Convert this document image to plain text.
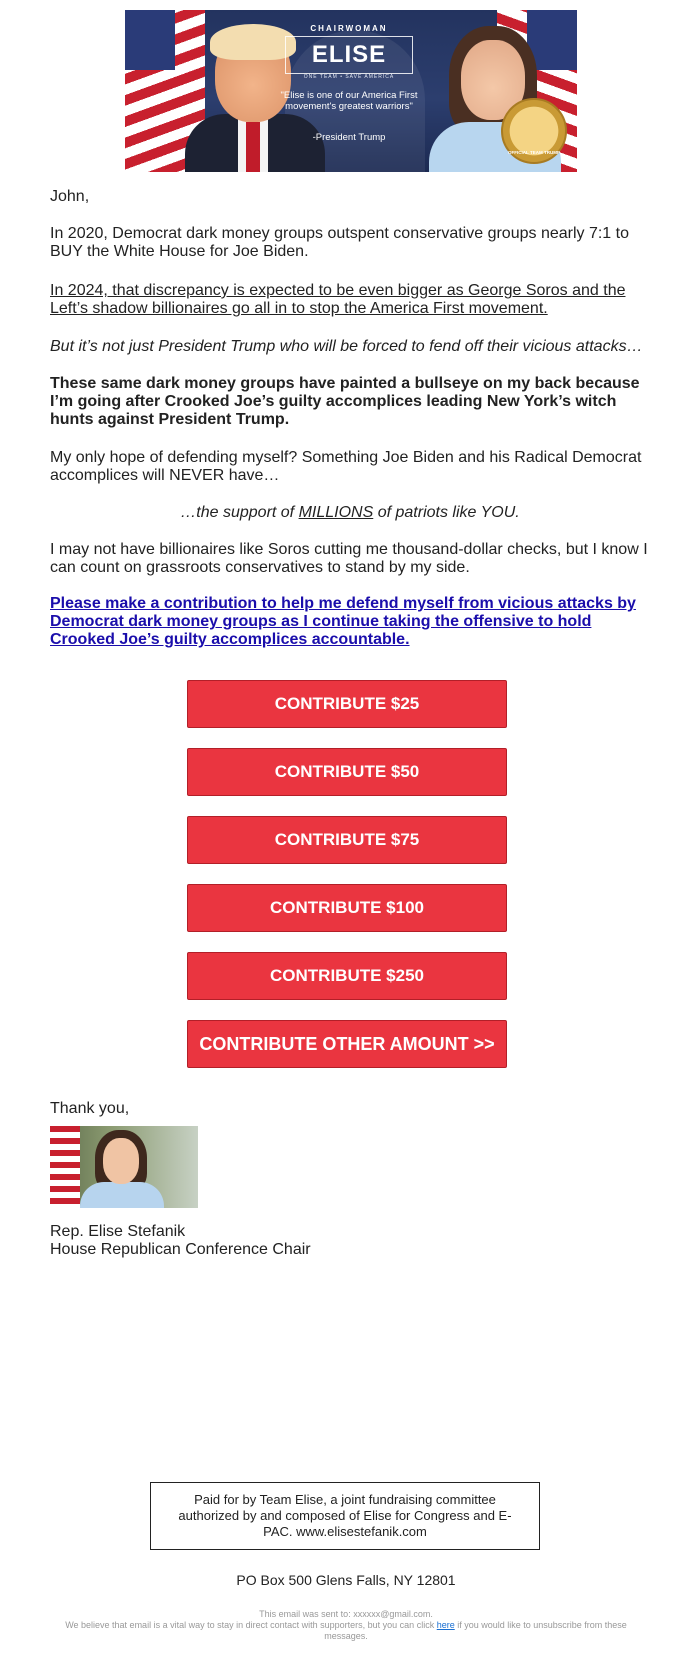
CHAIRWOMAN
ELISE
ONE TEAM • SAVE AMERICA
"Elise is one of our America First movement's greatest warriors"
-President Trump
OFFICIAL TEAM TRUMP
John,
In 2020, Democrat dark money groups outspent conservative groups nearly 7:1 to BUY the White House for Joe Biden.
In 2024, that discrepancy is expected to be even bigger as George Soros and the Left’s shadow billionaires go all in to stop the America First movement.
But it’s not just President Trump who will be forced to fend off their vicious attacks…
These same dark money groups have painted a bullseye on my back because I’m going after Crooked Joe’s guilty accomplices leading New York’s witch hunts against President Trump.
My only hope of defending myself? Something Joe Biden and his Radical Democrat accomplices will NEVER have…
…the support of MILLIONS of patriots like YOU.
I may not have billionaires like Soros cutting me thousand-dollar checks, but I know I can count on grassroots conservatives to stand by my side.
Please make a contribution to help me defend myself from vicious attacks by Democrat dark money groups as I continue taking the offensive to hold Crooked Joe’s guilty accomplices accountable.
CONTRIBUTE $25
CONTRIBUTE $50
CONTRIBUTE $75
CONTRIBUTE $100
CONTRIBUTE $250
CONTRIBUTE OTHER AMOUNT >>
Thank you,
Rep. Elise Stefanik
House Republican Conference Chair
Paid for by Team Elise, a joint fundraising committee authorized by and composed of Elise for Congress and E-PAC. www.elisestefanik.com
PO Box 500 Glens Falls, NY 12801
This email was sent to: xxxxxx@gmail.com.
We believe that email is a vital way to stay in direct contact with supporters, but you can click here if you would like to unsubscribe from these messages.
